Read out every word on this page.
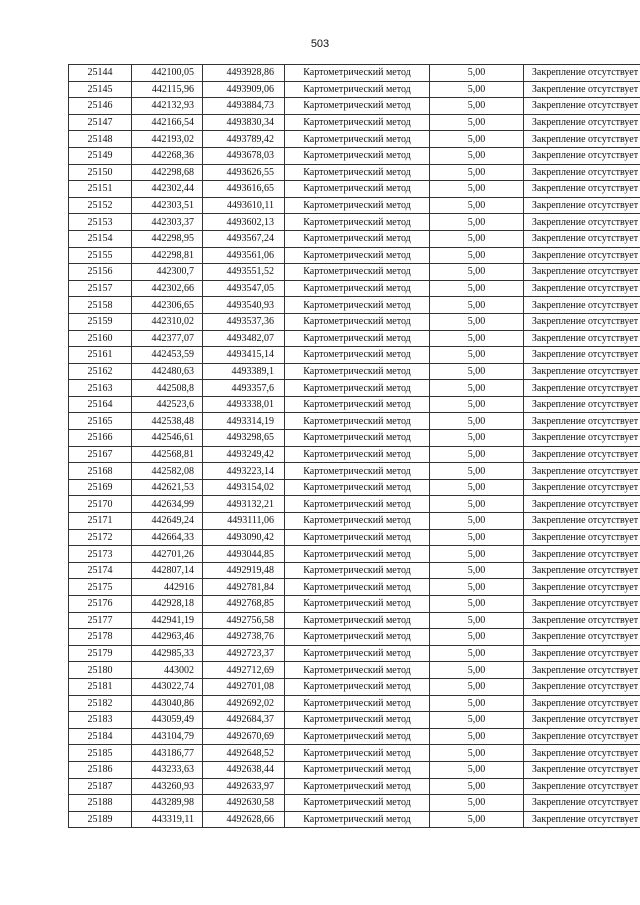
503
25144	442100,05	4493928,86	Картометрический метод	5,00	Закрепление отсутствует
25145	442115,96	4493909,06	Картометрический метод	5,00	Закрепление отсутствует
25146	442132,93	4493884,73	Картометрический метод	5,00	Закрепление отсутствует
25147	442166,54	4493830,34	Картометрический метод	5,00	Закрепление отсутствует
25148	442193,02	4493789,42	Картометрический метод	5,00	Закрепление отсутствует
25149	442268,36	4493678,03	Картометрический метод	5,00	Закрепление отсутствует
25150	442298,68	4493626,55	Картометрический метод	5,00	Закрепление отсутствует
25151	442302,44	4493616,65	Картометрический метод	5,00	Закрепление отсутствует
25152	442303,51	4493610,11	Картометрический метод	5,00	Закрепление отсутствует
25153	442303,37	4493602,13	Картометрический метод	5,00	Закрепление отсутствует
25154	442298,95	4493567,24	Картометрический метод	5,00	Закрепление отсутствует
25155	442298,81	4493561,06	Картометрический метод	5,00	Закрепление отсутствует
25156	442300,7	4493551,52	Картометрический метод	5,00	Закрепление отсутствует
25157	442302,66	4493547,05	Картометрический метод	5,00	Закрепление отсутствует
25158	442306,65	4493540,93	Картометрический метод	5,00	Закрепление отсутствует
25159	442310,02	4493537,36	Картометрический метод	5,00	Закрепление отсутствует
25160	442377,07	4493482,07	Картометрический метод	5,00	Закрепление отсутствует
25161	442453,59	4493415,14	Картометрический метод	5,00	Закрепление отсутствует
25162	442480,63	4493389,1	Картометрический метод	5,00	Закрепление отсутствует
25163	442508,8	4493357,6	Картометрический метод	5,00	Закрепление отсутствует
25164	442523,6	4493338,01	Картометрический метод	5,00	Закрепление отсутствует
25165	442538,48	4493314,19	Картометрический метод	5,00	Закрепление отсутствует
25166	442546,61	4493298,65	Картометрический метод	5,00	Закрепление отсутствует
25167	442568,81	4493249,42	Картометрический метод	5,00	Закрепление отсутствует
25168	442582,08	4493223,14	Картометрический метод	5,00	Закрепление отсутствует
25169	442621,53	4493154,02	Картометрический метод	5,00	Закрепление отсутствует
25170	442634,99	4493132,21	Картометрический метод	5,00	Закрепление отсутствует
25171	442649,24	4493111,06	Картометрический метод	5,00	Закрепление отсутствует
25172	442664,33	4493090,42	Картометрический метод	5,00	Закрепление отсутствует
25173	442701,26	4493044,85	Картометрический метод	5,00	Закрепление отсутствует
25174	442807,14	4492919,48	Картометрический метод	5,00	Закрепление отсутствует
25175	442916	4492781,84	Картометрический метод	5,00	Закрепление отсутствует
25176	442928,18	4492768,85	Картометрический метод	5,00	Закрепление отсутствует
25177	442941,19	4492756,58	Картометрический метод	5,00	Закрепление отсутствует
25178	442963,46	4492738,76	Картометрический метод	5,00	Закрепление отсутствует
25179	442985,33	4492723,37	Картометрический метод	5,00	Закрепление отсутствует
25180	443002	4492712,69	Картометрический метод	5,00	Закрепление отсутствует
25181	443022,74	4492701,08	Картометрический метод	5,00	Закрепление отсутствует
25182	443040,86	4492692,02	Картометрический метод	5,00	Закрепление отсутствует
25183	443059,49	4492684,37	Картометрический метод	5,00	Закрепление отсутствует
25184	443104,79	4492670,69	Картометрический метод	5,00	Закрепление отсутствует
25185	443186,77	4492648,52	Картометрический метод	5,00	Закрепление отсутствует
25186	443233,63	4492638,44	Картометрический метод	5,00	Закрепление отсутствует
25187	443260,93	4492633,97	Картометрический метод	5,00	Закрепление отсутствует
25188	443289,98	4492630,58	Картометрический метод	5,00	Закрепление отсутствует
25189	443319,11	4492628,66	Картометрический метод	5,00	Закрепление отсутствует
